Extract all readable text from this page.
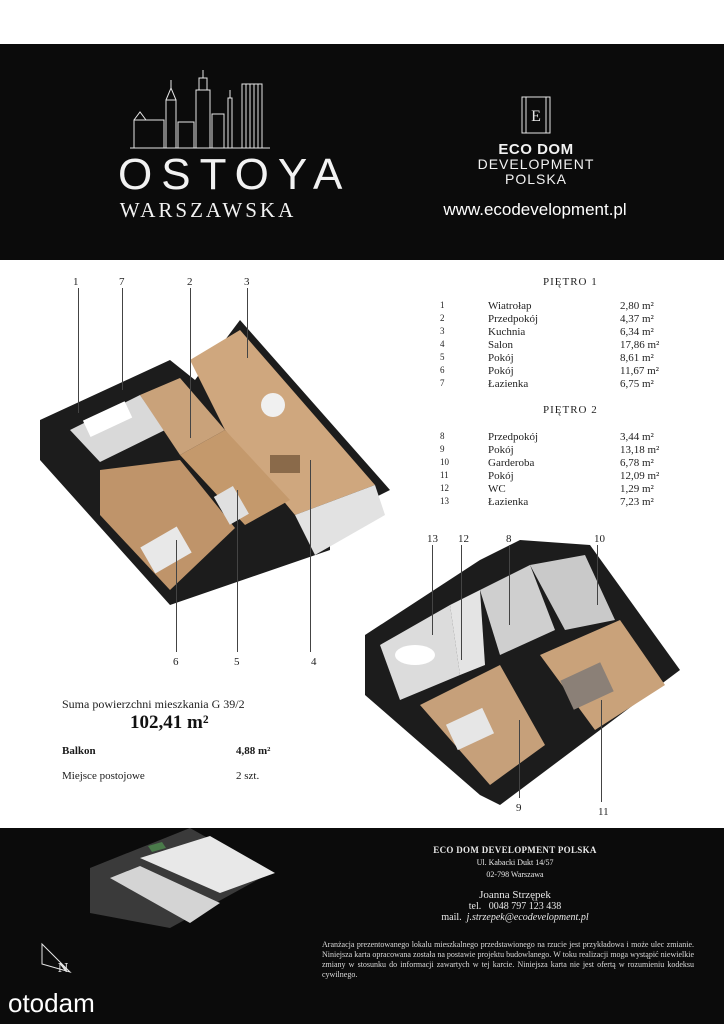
OSTOYA
WARSZAWSKA
E
ECO DOM
DEVELOPMENT
POLSKA
www.ecodevelopment.pl
1	7	2	3
6	5	4
PIĘTRO 1
1	Wiatrołap	2,80 m²
2	Przedpokój	4,37 m²
3	Kuchnia	6,34 m²
4	Salon	17,86 m²
5	Pokój	8,61 m²
6	Pokój	11,67 m²
7	Łazienka	6,75 m²
PIĘTRO 2
8	Przedpokój	3,44 m²
9	Pokój	13,18 m²
10	Garderoba	6,78 m²
11	Pokój	12,09 m²
12	WC	1,29 m²
13	Łazienka	7,23 m²
13 12	8	10
9	11
Suma powierzchni mieszkania G 39/2
102,41 m²
Balkon	4,88 m²
Miejsce postojowe	2 szt.
N
ECO DOM DEVELOPMENT POLSKA
Ul. Kabacki Dukt 14/57
02-798 Warszawa
Joanna Strzępek
tel. 0048 797 123 438
mail. j.strzepek@ecodevelopment.pl
Aranżacja prezentowanego lokalu mieszkalnego przedstawionego na rzucie jest przykładowa i może ulec zmianie. Niniejsza karta opracowana została na postawie projektu budowlanego. W toku realizacji moga wystąpić niewielkie zmiany w stosunku do informacji zawartych w tej karcie. Niniejsza karta nie jest ofertą w rozumieniu kodeksu cywilnego.
otodam
